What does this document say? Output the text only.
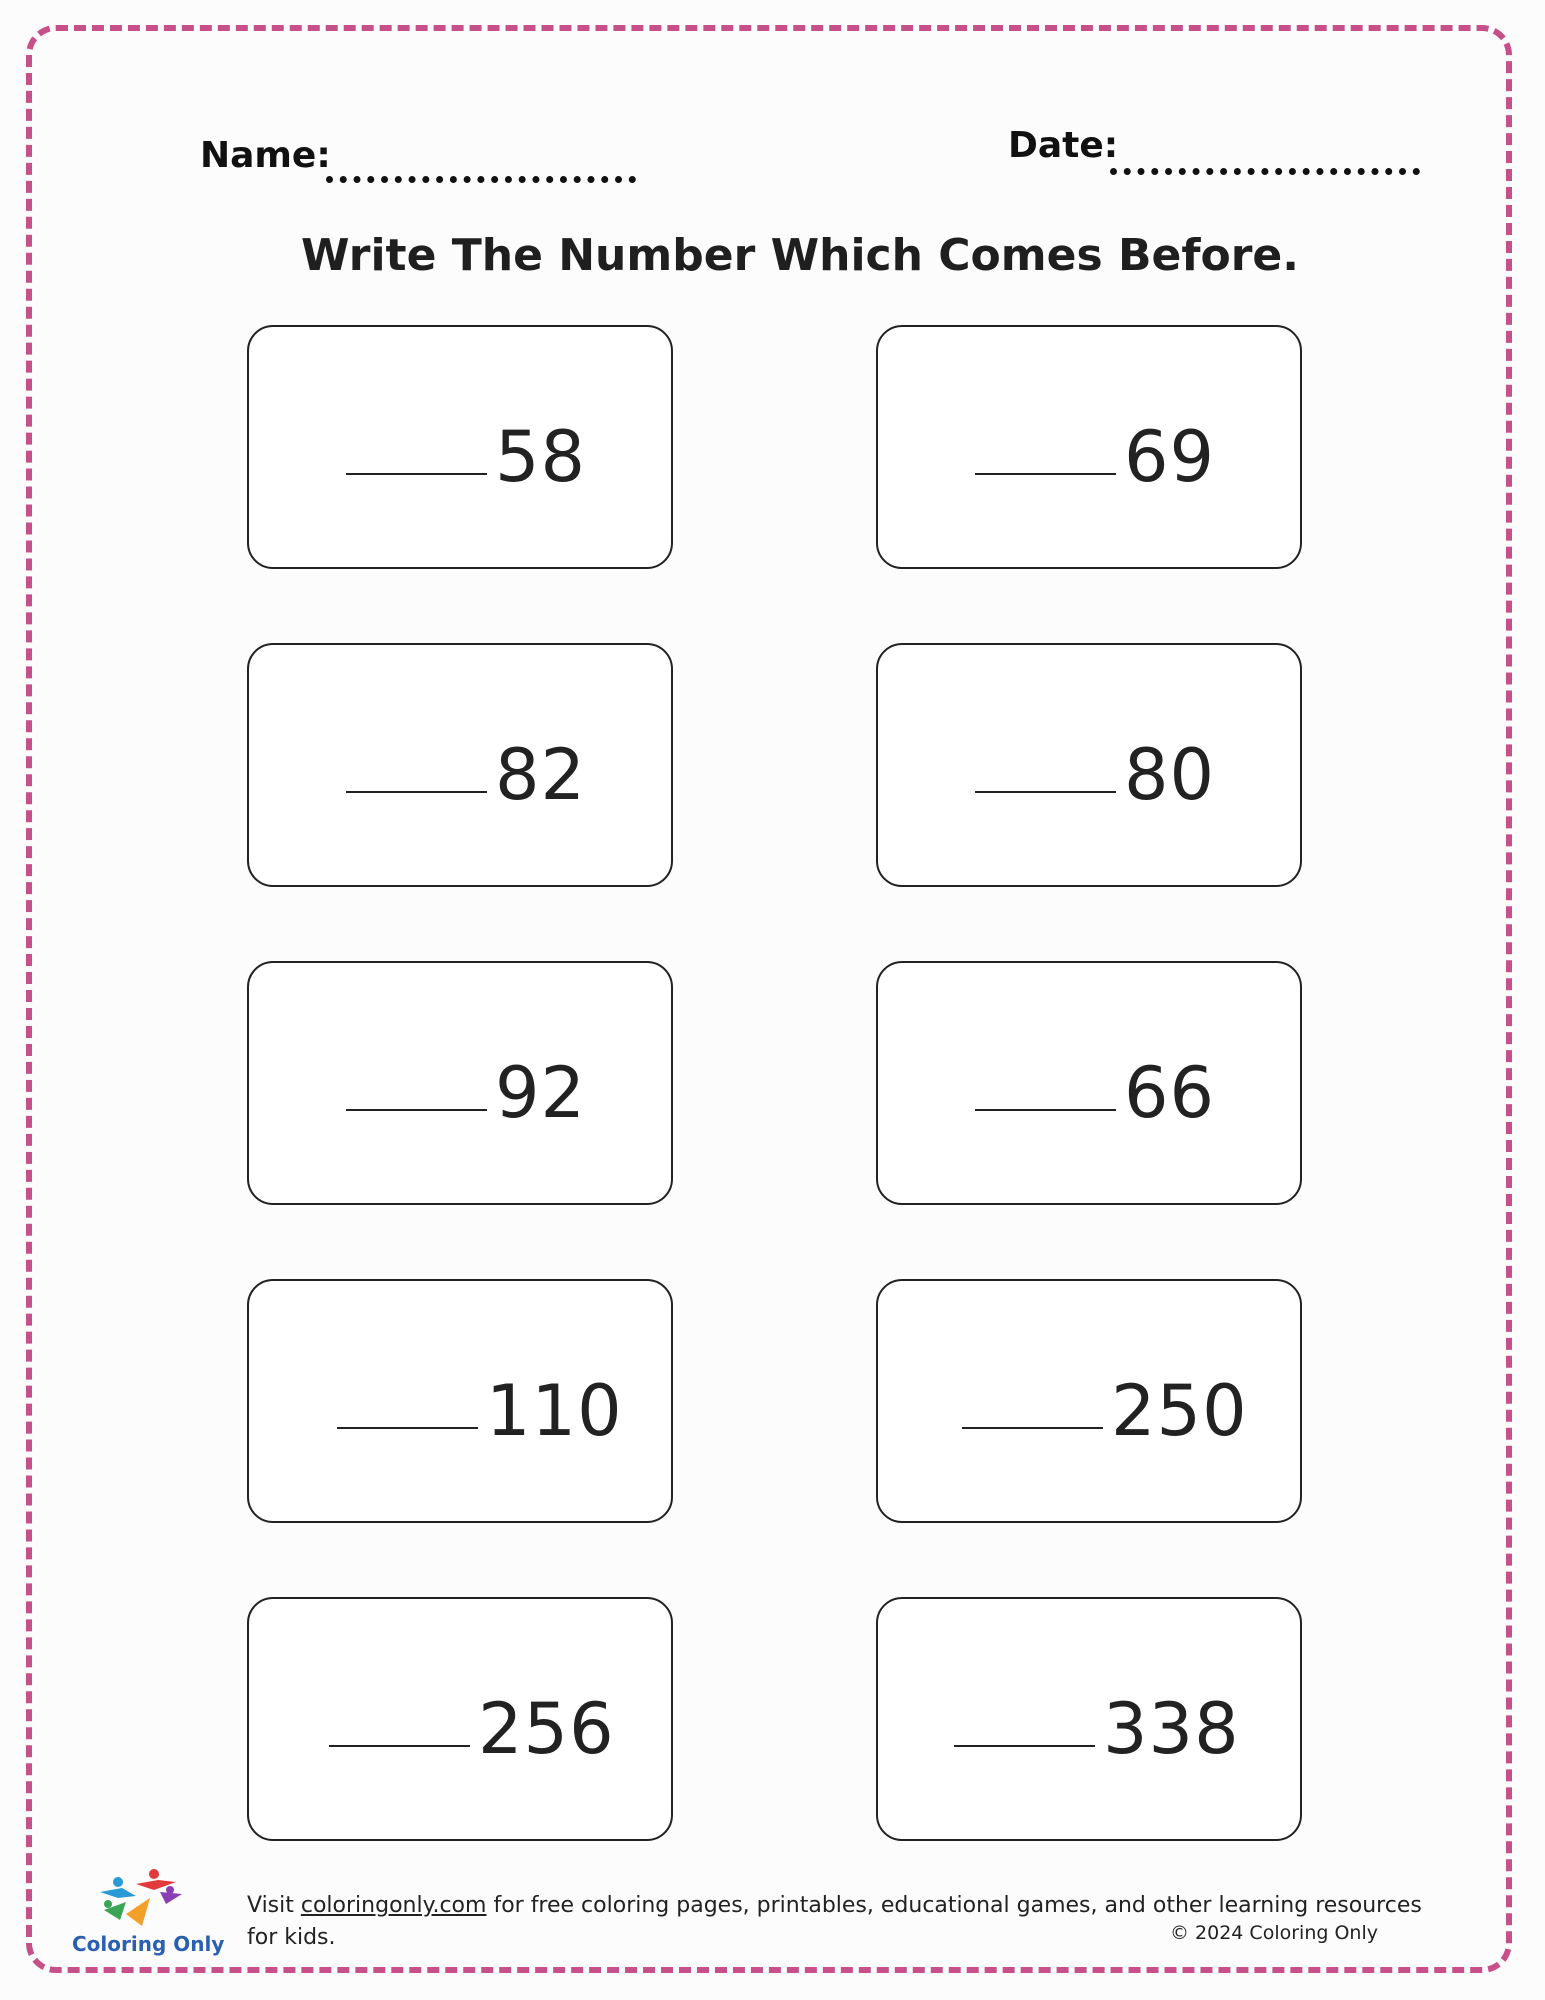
Name:	Date:
Write The Number Which Comes Before.
58	69
82	80
92	66
110	250
256	338
Coloring Only
Visit coloringonly.com for free coloring pages, printables, educational games, and other learning resources for kids.	© 2024 Coloring Only
